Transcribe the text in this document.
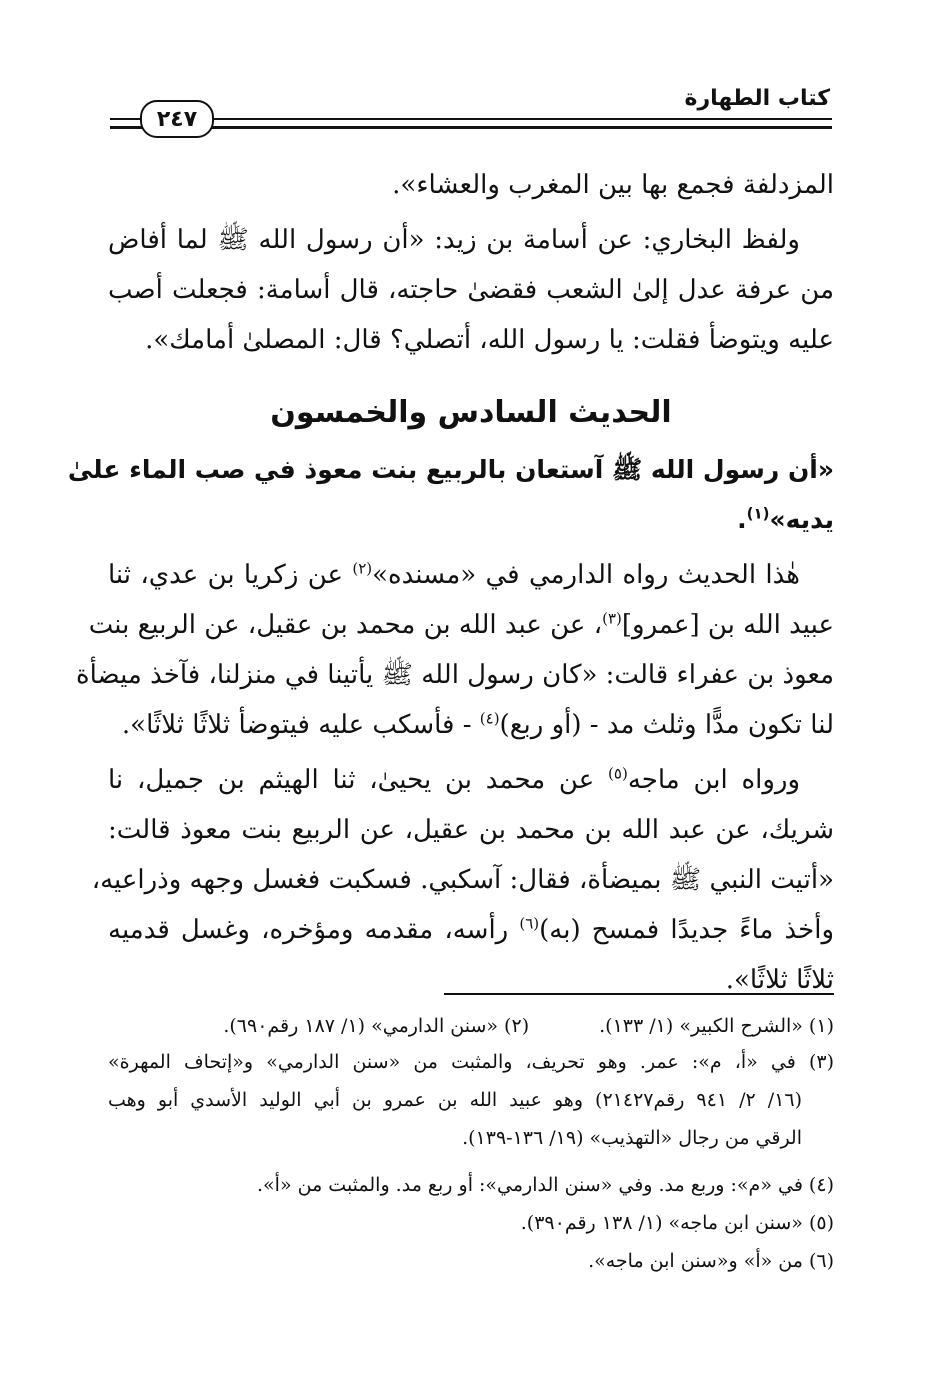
كتاب الطهارة
٢٤٧
المزدلفة فجمع بها بين المغرب والعشاء».
ولفظ البخاري: عن أسامة بن زيد: «أن رسول الله ﷺ لما أفاض
من عرفة عدل إلىٰ الشعب فقضىٰ حاجته، قال أسامة: فجعلت أصب
عليه ويتوضأ فقلت: يا رسول الله، أتصلي؟ قال: المصلىٰ أمامك».
الحديث السادس والخمسون
«أن رسول الله ﷺ آستعان بالربيع بنت معوذ في صب الماء علىٰ
يديه»$^{(١)}$.
هٰذا الحديث رواه الدارمي في «مسنده»$^{(٢)}$ عن زكريا بن عدي، ثنا
عبيد الله بن [عمرو]$^{(٣)}$، عن عبد الله بن محمد بن عقيل، عن الربيع بنت
معوذ بن عفراء قالت: «كان رسول الله ﷺ يأتينا في منزلنا، فآخذ ميضأة
لنا تكون مدًّا وثلث مد - (أو ربع)$^{(٤)}$ - فأسكب عليه فيتوضأ ثلاثًا ثلاثًا».
ورواه ابن ماجه$^{(٥)}$ عن محمد بن يحيىٰ، ثنا الهيثم بن جميل، نا
شريك، عن عبد الله بن محمد بن عقيل، عن الربيع بنت معوذ قالت:
«أتيت النبي ﷺ بميضأة، فقال: آسكبي. فسكبت فغسل وجهه وذراعيه،
وأخذ ماءً جديدًا فمسح (به)$^{(٦)}$ رأسه، مقدمه ومؤخره، وغسل قدميه
ثلاثًا ثلاثًا».
(١) «الشرح الكبير» (١/ ١٣٣).(٢) «سنن الدارمي» (١/ ١٨٧ رقم٦٩٠).
(٣) في «أ، م»: عمر. وهو تحريف، والمثبت من «سنن الدارمي» و«إتحاف المهرة»
(١٦/ ٢/ ٩٤١ رقم٢١٤٢٧) وهو عبيد الله بن عمرو بن أبي الوليد الأسدي أبو وهب
الرقي من رجال «التهذيب» (١٩/ ١٣٦-١٣٩).
(٤) في «م»: وربع مد. وفي «سنن الدارمي»: أو ربع مد. والمثبت من «أ».
(٥) «سنن ابن ماجه» (١/ ١٣٨ رقم٣٩٠).
(٦) من «أ» و«سنن ابن ماجه».
